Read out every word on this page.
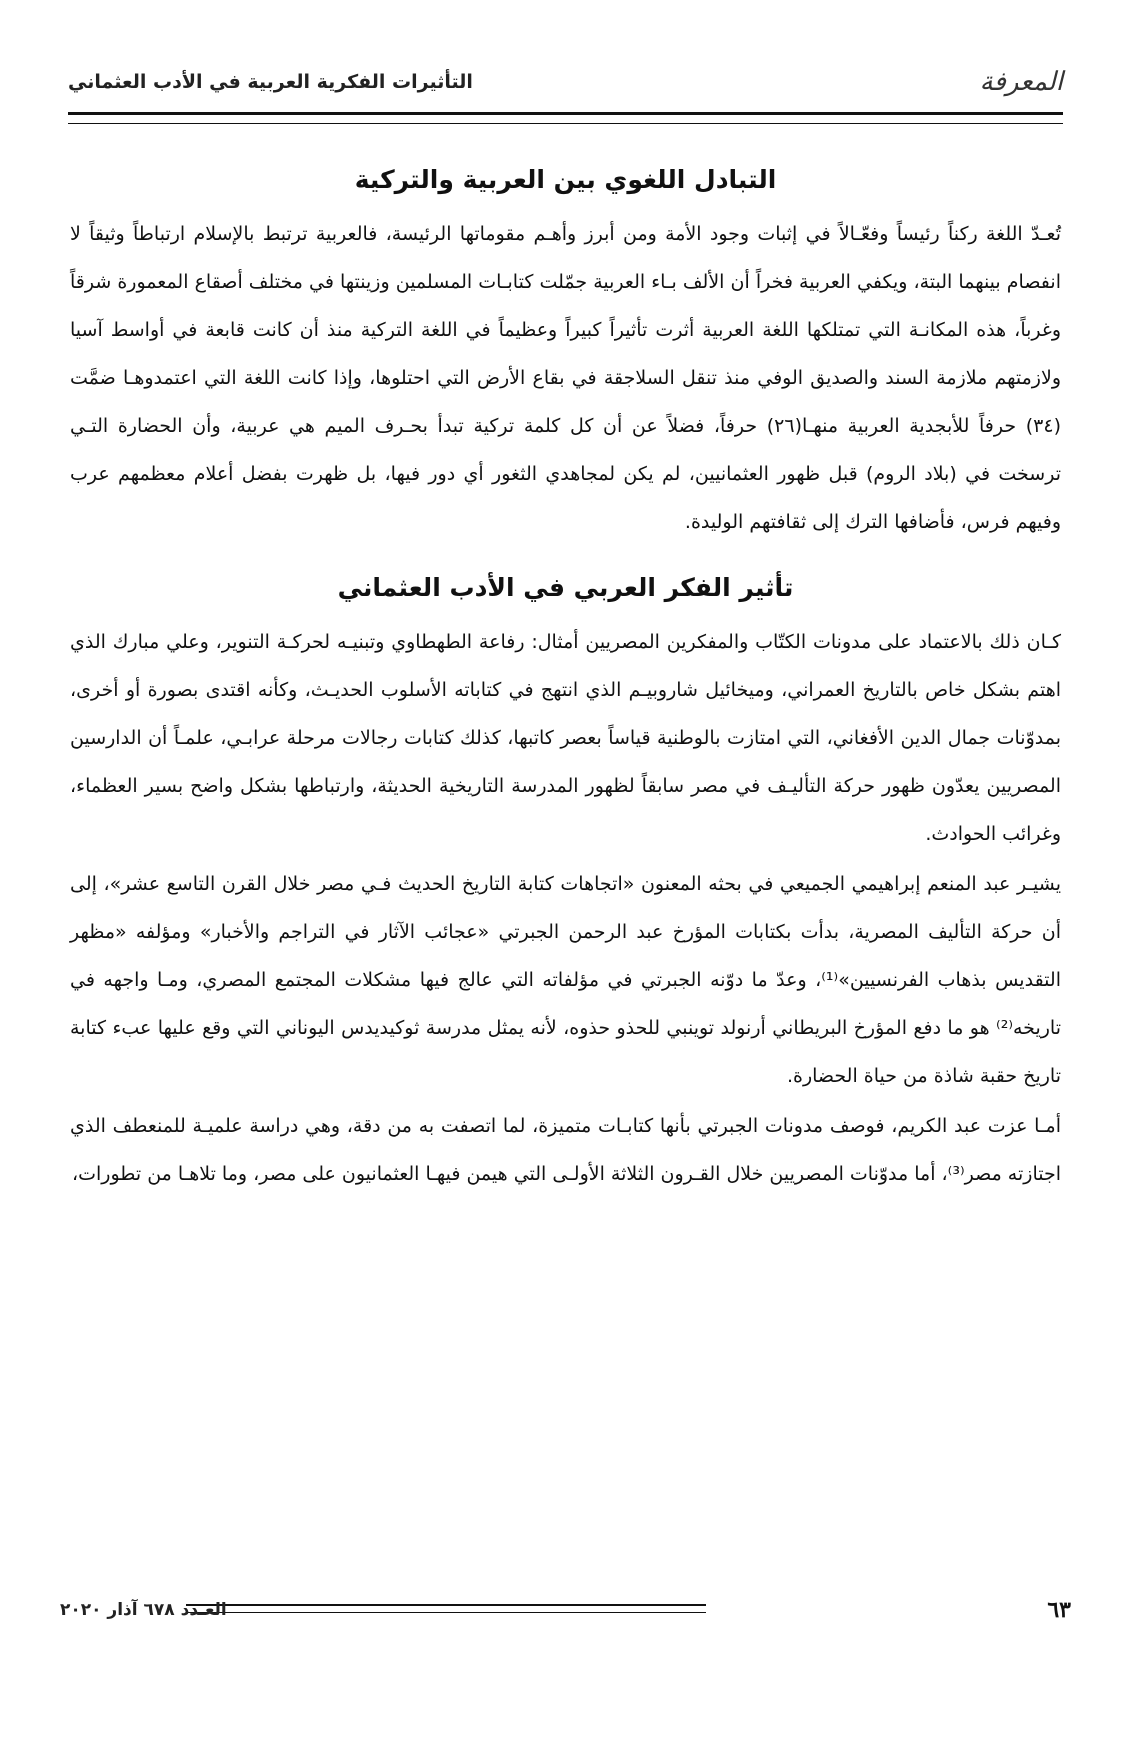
المعرفة
التأثيرات الفكرية العربية في الأدب العثماني
التبادل اللغوي بين العربية والتركية

تُعـدّ اللغة ركناً رئيساً وفعّـالاً في إثبات وجود الأمة ومن أبرز وأهـم مقوماتها الرئيسة، فالعربية ترتبط بالإسلام ارتباطاً وثيقاً لا انفصام بينهما البتة، ويكفي العربية فخراً أن الألف بـاء العربية جمّلت كتابـات المسلمين وزينتها في مختلف أصقاع المعمورة شرقاً وغرباً، هذه المكانـة التي تمتلكها اللغة العربية أثرت تأثيراً كبيراً وعظيماً في اللغة التركية منذ أن كانت قابعة في أواسط آسيا ولازمتهم ملازمة السند والصديق الوفي منذ تنقل السلاجقة في بقاع الأرض التي احتلوها، وإذا كانت اللغة التي اعتمدوهـا ضمَّت (٣٤) حرفاً للأبجدية العربية منهـا(٢٦) حرفاً، فضلاً عن أن كل كلمة تركية تبدأ بحـرف الميم هي عربية، وأن الحضارة التـي ترسخت في (بلاد الروم) قبل ظهور العثمانيين، لم يكن لمجاهدي الثغور أي دور فيها، بل ظهرت بفضل أعلام معظمهم عرب وفيهم فرس، فأضافها الترك إلى ثقافتهم الوليدة.

تأثير الفكر العربي في الأدب العثماني

كـان ذلك بالاعتماد على مدونات الكتّاب والمفكرين المصريين أمثال: رفاعة الطهطاوي وتبنيـه لحركـة التنوير، وعلي مبارك الذي اهتم بشكل خاص بالتاريخ العمراني، وميخائيل شاروبيـم الذي انتهج في كتاباته الأسلوب الحديـث، وكأنه اقتدى بصورة أو أخرى، بمدوّنات جمال الدين الأفغاني، التي امتازت بالوطنية قياساً بعصر كاتبها، كذلك كتابات رجالات مرحلة عرابـي، علمـاً أن الدارسين المصريين يعدّون ظهور حركة التأليـف في مصر سابقاً لظهور المدرسة التاريخية الحديثة، وارتباطها بشكل واضح بسير العظماء، وغرائب الحوادث.

يشيـر عبد المنعم إبراهيمي الجميعي في بحثه المعنون «اتجاهات كتابة التاريخ الحديث فـي مصر خلال القرن التاسع عشر»، إلى أن حركة التأليف المصرية، بدأت بكتابات المؤرخ عبد الرحمن الجبرتي «عجائب الآثار في التراجم والأخبار» ومؤلفه «مظهر التقديس بذهاب الفرنسيين»⁽¹⁾، وعدّ ما دوّنه الجبرتي في مؤلفاته التي عالج فيها مشكلات المجتمع المصري، ومـا واجهه في تاريخه⁽²⁾ هو ما دفع المؤرخ البريطاني أرنولد توينبي للحذو حذوه، لأنه يمثل مدرسة ثوكيديدس اليوناني التي وقع عليها عبء كتابة تاريخ حقبة شاذة من حياة الحضارة.

أمـا عزت عبد الكريم، فوصف مدونات الجبرتي بأنها كتابـات متميزة، لما اتصفت به من دقة، وهي دراسة علميـة للمنعطف الذي اجتازته مصر⁽³⁾، أما مدوّنات المصريين خلال القـرون الثلاثة الأولـى التي هيمن فيهـا العثمانيون على مصر، وما تلاهـا من تطورات،

٦٣
العـدد ٦٧٨ آذار ٢٠٢٠
